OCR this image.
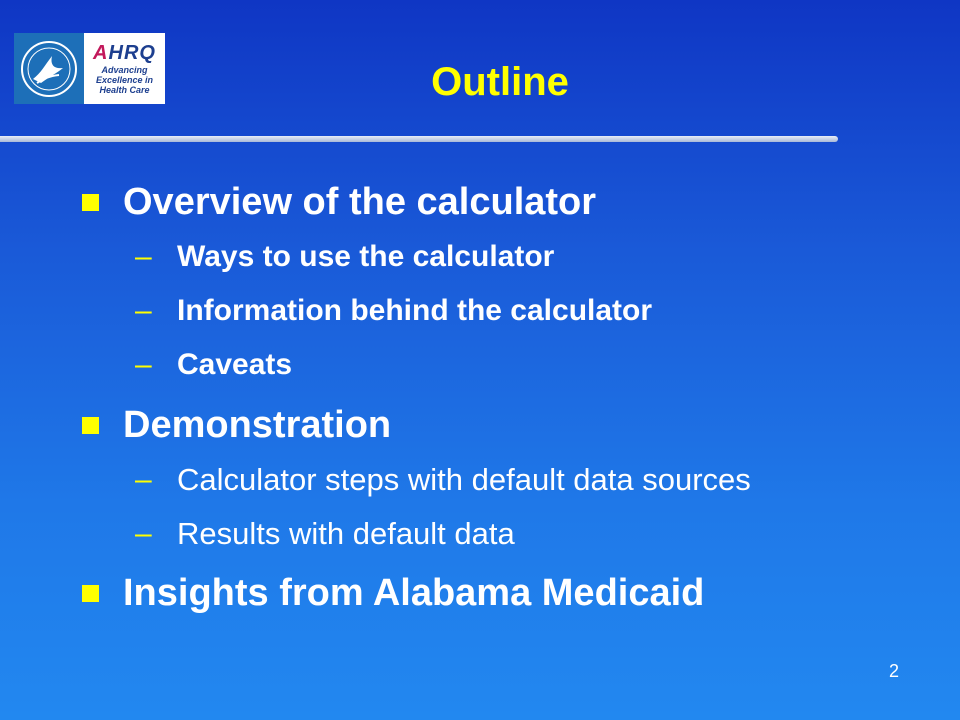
AHRQ
Advancing
Excellence in
Health Care	Outline
Overview of the calculator
– Ways to use the calculator
– Information behind the calculator
– Caveats
Demonstration
– Calculator steps with default data sources
– Results with default data
Insights from Alabama Medicaid
2
